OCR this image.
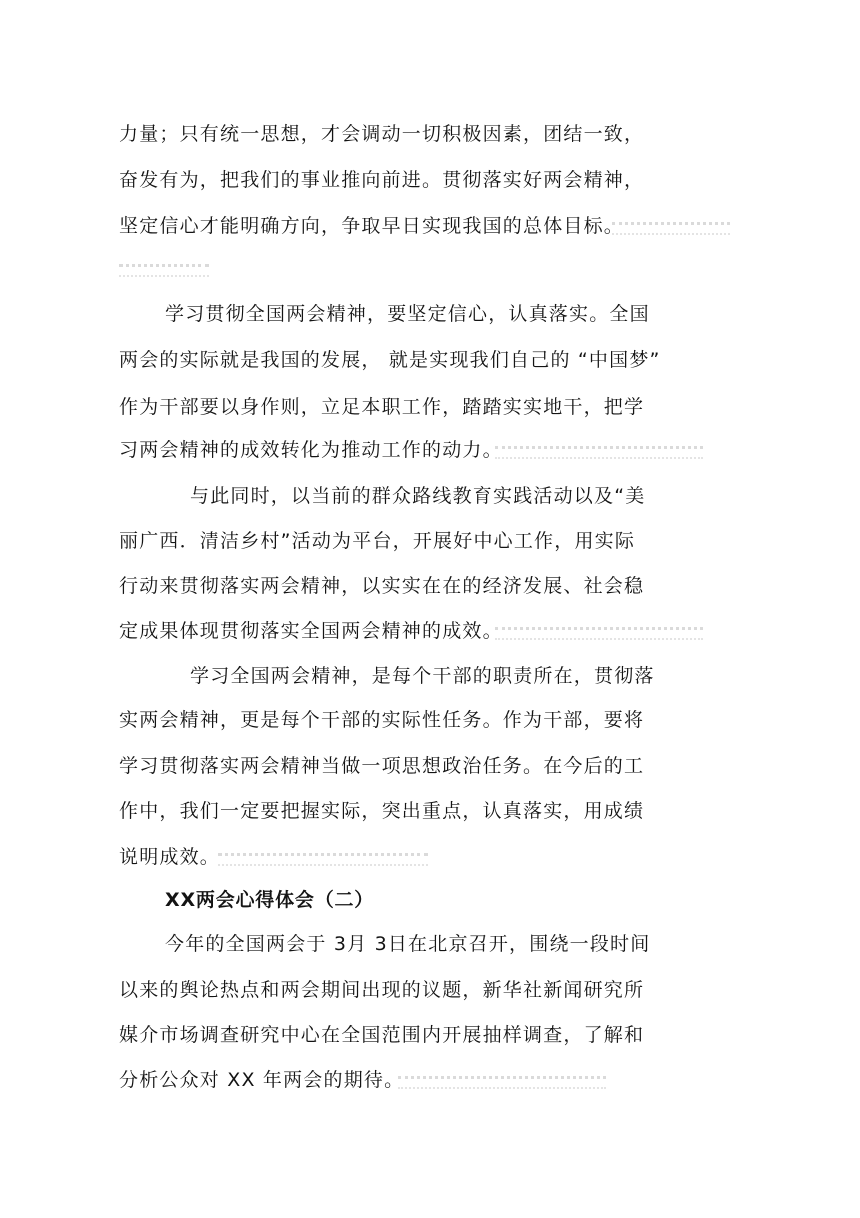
力量；只有统一思想，才会调动一切积极因素，团结一致，
奋发有为，把我们的事业推向前进。贯彻落实好两会精神，
坚定信心才能明确方向，争取早日实现我国的总体目标。
学习贯彻全国两会精神，要坚定信心，认真落实。全国
两会的实际就是我国的发展， 就是实现我们自己的 “中国梦”
作为干部要以身作则，立足本职工作，踏踏实实地干，把学
习两会精神的成效转化为推动工作的动力。
与此同时，以当前的群众路线教育实践活动以及“美
丽广西．清洁乡村”活动为平台，开展好中心工作，用实际
行动来贯彻落实两会精神，以实实在在的经济发展、社会稳
定成果体现贯彻落实全国两会精神的成效。
学习全国两会精神，是每个干部的职责所在，贯彻落
实两会精神，更是每个干部的实际性任务。作为干部，要将
学习贯彻落实两会精神当做一项思想政治任务。在今后的工
作中，我们一定要把握实际，突出重点，认真落实，用成绩
说明成效。
XX两会心得体会（二）
今年的全国两会于 3月 3日在北京召开，围绕一段时间
以来的舆论热点和两会期间出现的议题，新华社新闻研究所
媒介市场调查研究中心在全国范围内开展抽样调查，了解和
分析公众对 XX 年两会的期待。
